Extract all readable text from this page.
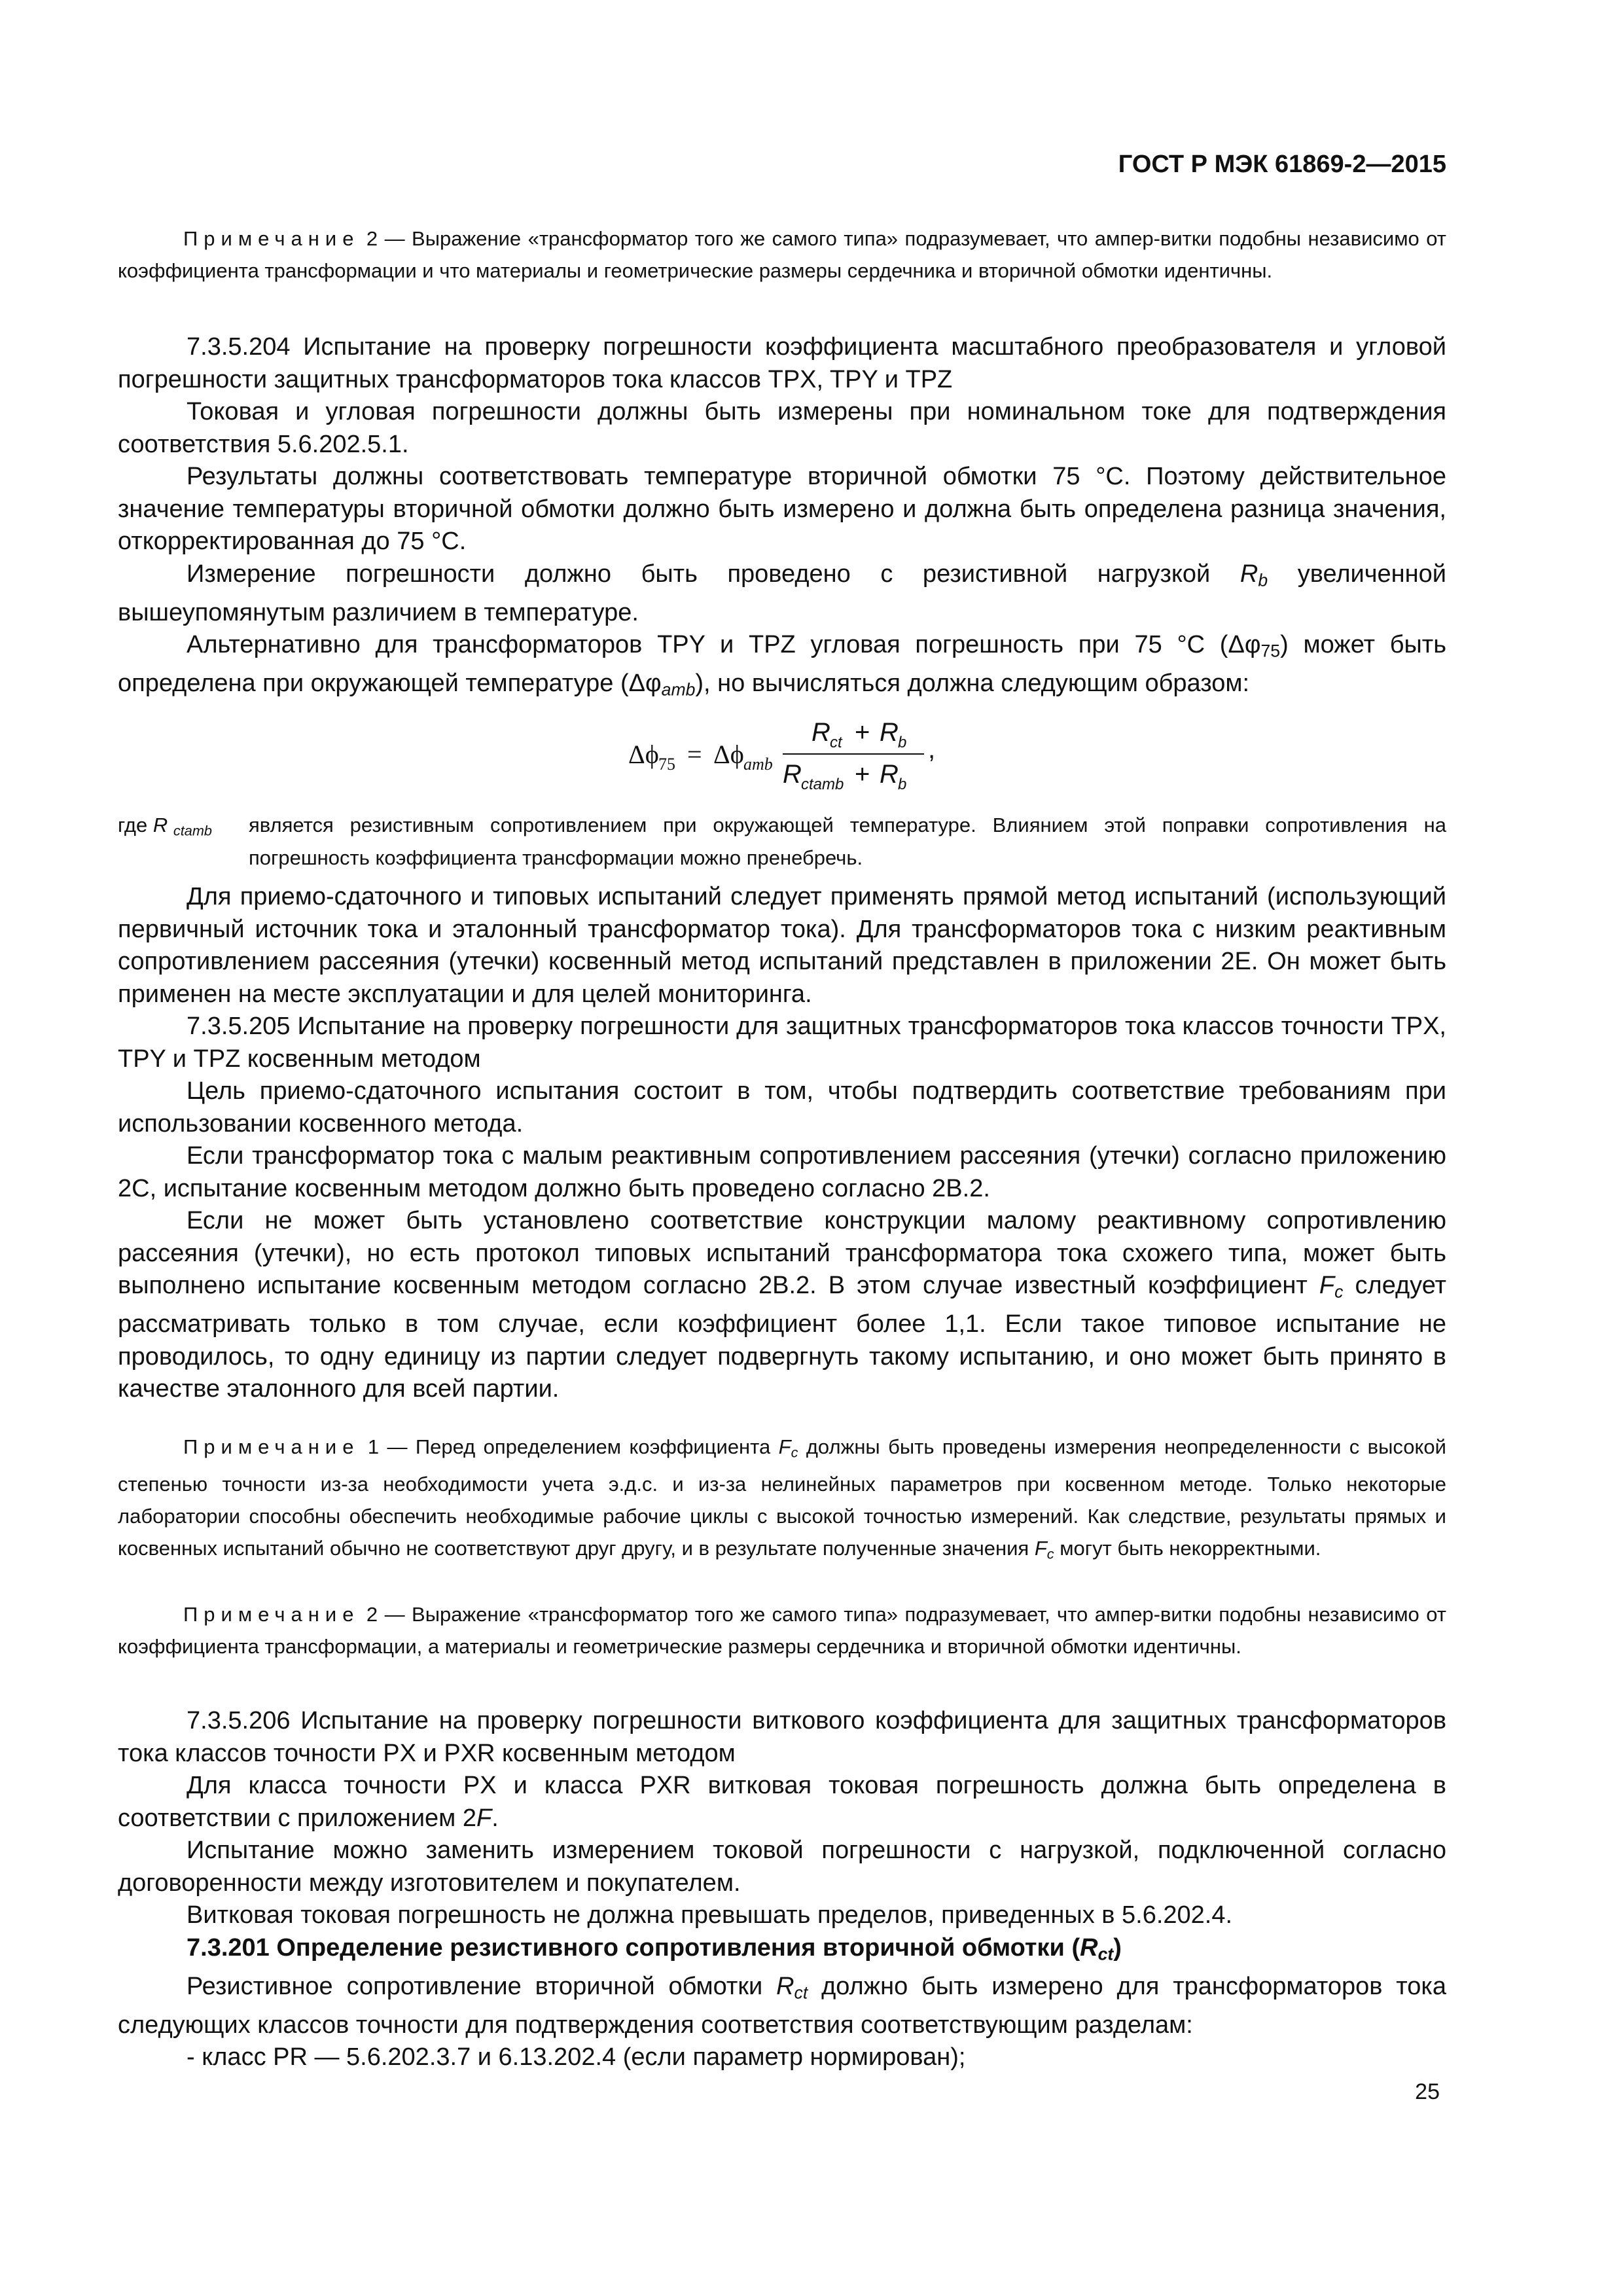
ГОСТ Р МЭК 61869-2—2015
Примечание 2 — Выражение «трансформатор того же самого типа» подразумевает, что ампер-витки подобны независимо от коэффициента трансформации и что материалы и геометрические размеры сердечника и вторичной обмотки идентичны.

7.3.5.204 Испытание на проверку погрешности коэффициента масштабного преобразователя и угловой погрешности защитных трансформаторов тока классов TPX, TPY и TPZ

Токовая и угловая погрешности должны быть измерены при номинальном токе для подтверждения соответствия 5.6.202.5.1.

Результаты должны соответствовать температуре вторичной обмотки 75 °С. Поэтому действительное значение температуры вторичной обмотки должно быть измерено и должна быть определена разница значения, откорректированная до 75 °С.

Измерение погрешности должно быть проведено с резистивной нагрузкой $R_b$ увеличенной вышеупомянутым различием в температуре.

Альтернативно для трансформаторов TPY и TPZ угловая погрешность при 75 °С $(\Delta\varphi_{75})$ может быть определена при окружающей температуре $(\Delta\varphi_{amb})$, но вычисляться должна следующим образом:

Δϕ 75 = Δϕ amb
R ct + R b
R ctamb + R b
,
где R $_{ctamb}$	является резистивным сопротивлением при окружающей температуре. Влиянием этой поправки сопротивления на погрешность коэффициента трансформации можно пренебречь.

Для приемо-сдаточного и типовых испытаний следует применять прямой метод испытаний (использующий первичный источник тока и эталонный трансформатор тока). Для трансформаторов тока с низким реактивным сопротивлением рассеяния (утечки) косвенный метод испытаний представлен в приложении 2E. Он может быть применен на месте эксплуатации и для целей мониторинга.

7.3.5.205 Испытание на проверку погрешности для защитных трансформаторов тока классов точности TPX, TPY и TPZ косвенным методом

Цель приемо-сдаточного испытания состоит в том, чтобы подтвердить соответствие требованиям при использовании косвенного метода.

Если трансформатор тока с малым реактивным сопротивлением рассеяния (утечки) согласно приложению 2C, испытание косвенным методом должно быть проведено согласно 2B.2.

Если не может быть установлено соответствие конструкции малому реактивному сопротивлению рассеяния (утечки), но есть протокол типовых испытаний трансформатора тока схожего типа, может быть выполнено испытание косвенным методом согласно 2B.2. В этом случае известный коэффициент $F_c$ следует рассматривать только в том случае, если коэффициент более 1,1. Если такое типовое испытание не проводилось, то одну единицу из партии следует подвергнуть такому испытанию, и оно может быть принято в качестве эталонного для всей партии.

Примечание 1 — Перед определением коэффициента $F_c$ должны быть проведены измерения неопределенности с высокой степенью точности из-за необходимости учета э.д.с. и из-за нелинейных параметров при косвенном методе. Только некоторые лаборатории способны обеспечить необходимые рабочие циклы с высокой точностью измерений. Как следствие, результаты прямых и косвенных испытаний обычно не соответствуют друг другу, и в результате полученные значения $F_c$ могут быть некорректными.
Примечание 2 — Выражение «трансформатор того же самого типа» подразумевает, что ампер-витки подобны независимо от коэффициента трансформации, а материалы и геометрические размеры сердечника и вторичной обмотки идентичны.

7.3.5.206 Испытание на проверку погрешности виткового коэффициента для защитных трансформаторов тока классов точности PX и PXR косвенным методом

Для класса точности PX и класса PXR витковая токовая погрешность должна быть определена в соответствии с приложением 2F.

Испытание можно заменить измерением токовой погрешности с нагрузкой, подключенной согласно договоренности между изготовителем и покупателем.

Витковая токовая погрешность не должна превышать пределов, приведенных в 5.6.202.4.

7.3.201 Определение резистивного сопротивления вторичной обмотки $(R_{ct})$

Резистивное сопротивление вторичной обмотки $R_{ct}$ должно быть измерено для трансформаторов тока следующих классов точности для подтверждения соответствия соответствующим разделам:

- класс PR — 5.6.202.3.7 и 6.13.202.4 (если параметр нормирован);

25
